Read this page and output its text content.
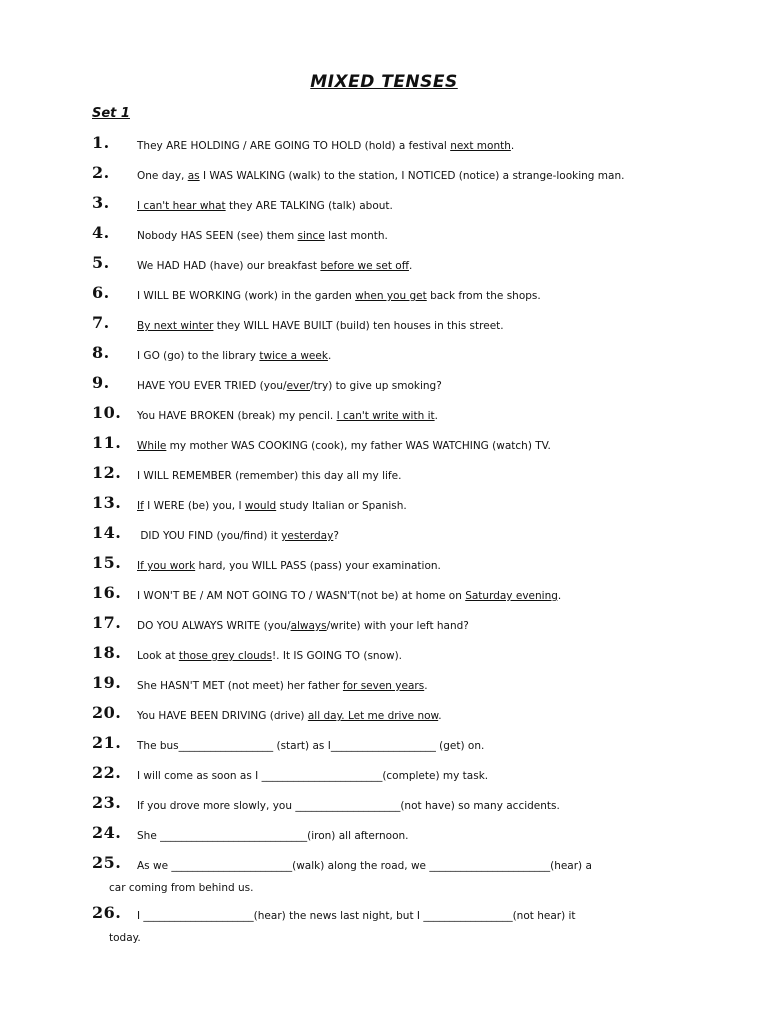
MIXED TENSES
Set 1
1.	They ARE HOLDING / ARE GOING TO HOLD (hold) a festival next month.
2.	One day, as I WAS WALKING (walk) to the station, I NOTICED (notice) a strange-looking man.
3.	I can't hear what they ARE TALKING (talk) about.
4.	Nobody HAS SEEN (see) them since last month.
5.	We HAD HAD (have) our breakfast before we set off.
6.	I WILL BE WORKING (work) in the garden when you get back from the shops.
7.	By next winter they WILL HAVE BUILT (build) ten houses in this street.
8.	I GO (go) to the library twice a week.
9.	HAVE YOU EVER TRIED (you/ever/try) to give up smoking?
10. You HAVE BROKEN (break) my pencil. I can't write with it.
11. While my mother WAS COOKING (cook), my father WAS WATCHING (watch) TV.
12. I WILL REMEMBER (remember) this day all my life.
13. If I WERE (be) you, I would study Italian or Spanish.
14. DID YOU FIND (you/find) it yesterday?
15. If you work hard, you WILL PASS (pass) your examination.
16. I WON'T BE / AM NOT GOING TO / WASN'T(not be) at home on Saturday evening.
17. DO YOU ALWAYS WRITE (you/always/write) with your left hand?
18. Look at those grey clouds!. It IS GOING TO (snow).
19. She HASN'T MET (not meet) her father for seven years.
20. You HAVE BEEN DRIVING (drive) all day. Let me drive now.
21. The bus__________________ (start) as I____________________ (get) on.
22. I will come as soon as I _______________________(complete) my task.
23. If you drove more slowly, you ____________________(not have) so many accidents.
24. She ____________________________(iron) all afternoon.
25. As we _______________________(walk) along the road, we _______________________(hear) a
car coming from behind us.
26. I _____________________(hear) the news last night, but I _________________(not hear) it
today.
